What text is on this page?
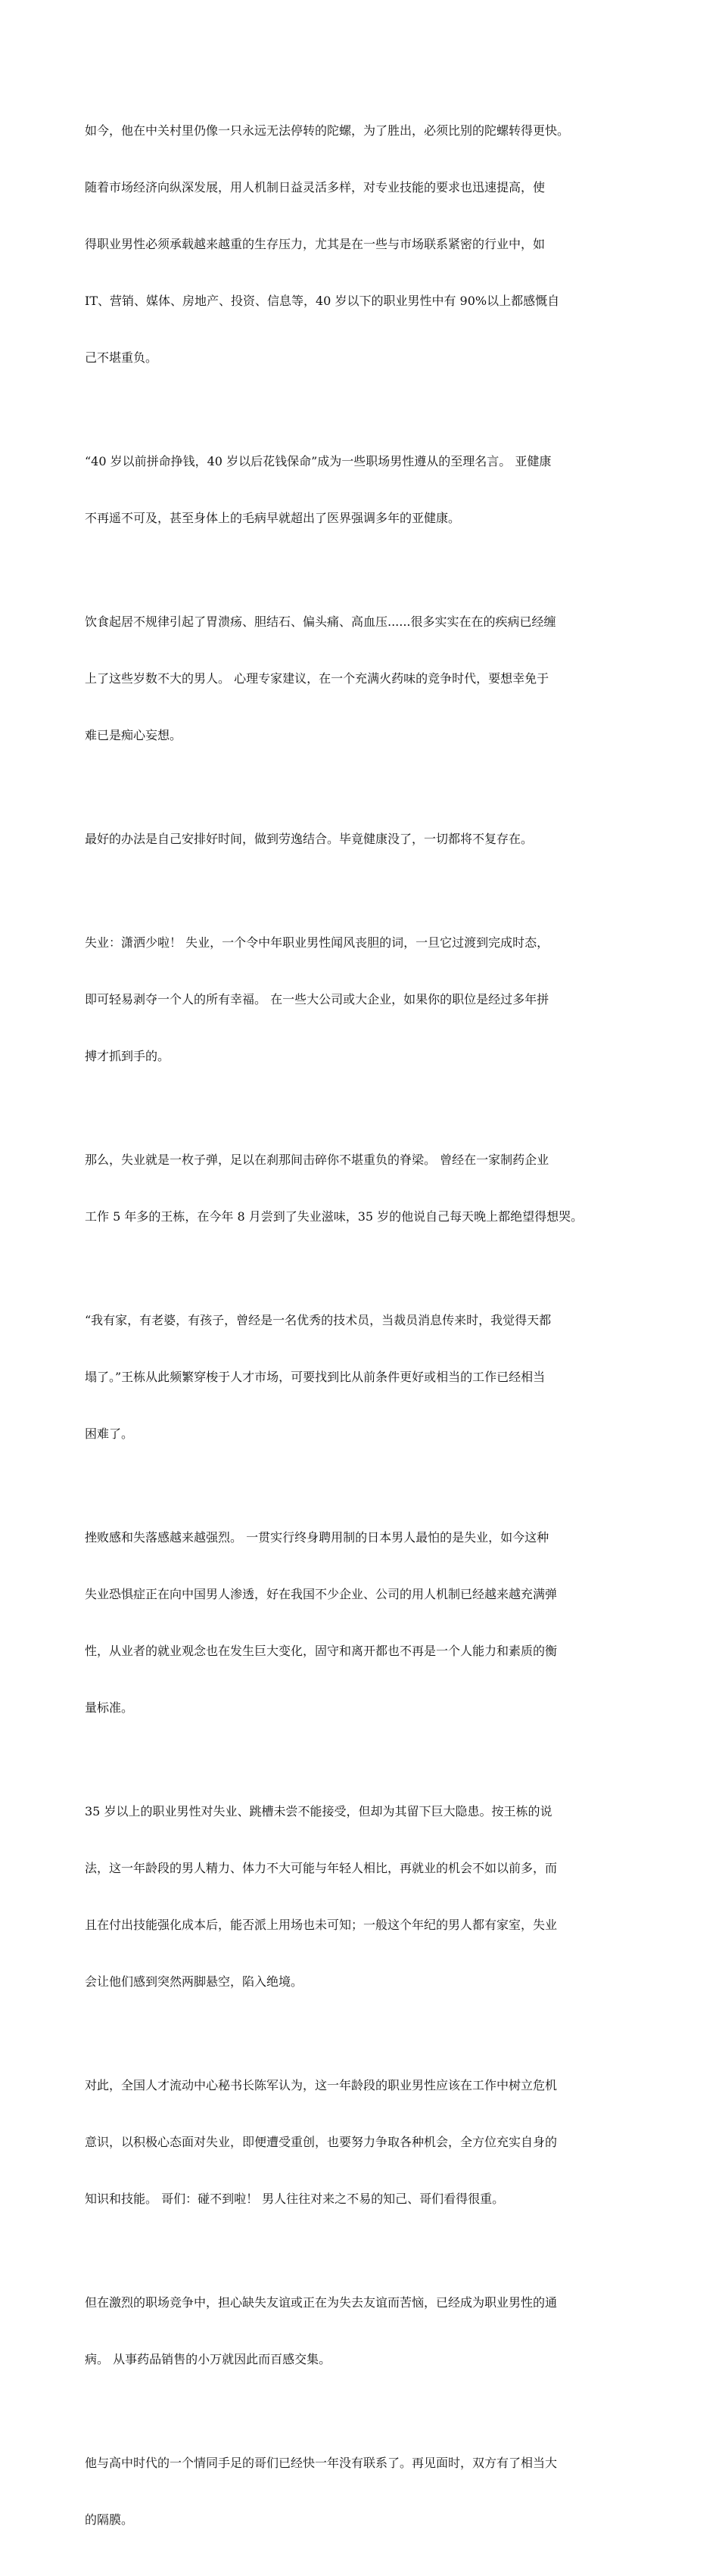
如今，他在中关村里仍像一只永远无法停转的陀螺，为了胜出，必须比别的陀螺转得更快。

随着市场经济向纵深发展，用人机制日益灵活多样，对专业技能的要求也迅速提高，使

得职业男性必须承载越来越重的生存压力，尤其是在一些与市场联系紧密的行业中，如

IT、营销、媒体、房地产、投资、信息等，40 岁以下的职业男性中有 90%以上都感慨自

己不堪重负。

“40 岁以前拼命挣钱，40 岁以后花钱保命”成为一些职场男性遵从的至理名言。 亚健康

不再遥不可及，甚至身体上的毛病早就超出了医界强调多年的亚健康。

饮食起居不规律引起了胃溃疡、胆结石、偏头痛、高血压......很多实实在在的疾病已经缠

上了这些岁数不大的男人。 心理专家建议，在一个充满火药味的竞争时代，要想幸免于

难已是痴心妄想。

最好的办法是自己安排好时间，做到劳逸结合。毕竟健康没了，一切都将不复存在。

失业：潇洒少啦！ 失业，一个令中年职业男性闻风丧胆的词，一旦它过渡到完成时态，

即可轻易剥夺一个人的所有幸福。 在一些大公司或大企业，如果你的职位是经过多年拼

搏才抓到手的。

那么，失业就是一枚子弹，足以在刹那间击碎你不堪重负的脊梁。 曾经在一家制药企业

工作 5 年多的王栋，在今年 8 月尝到了失业滋味，35 岁的他说自己每天晚上都绝望得想哭。

“我有家，有老婆，有孩子，曾经是一名优秀的技术员，当裁员消息传来时，我觉得天都

塌了。”王栋从此频繁穿梭于人才市场，可要找到比从前条件更好或相当的工作已经相当

困难了。

挫败感和失落感越来越强烈。 一贯实行终身聘用制的日本男人最怕的是失业，如今这种

失业恐惧症正在向中国男人渗透，好在我国不少企业、公司的用人机制已经越来越充满弹

性，从业者的就业观念也在发生巨大变化，固守和离开都也不再是一个人能力和素质的衡

量标准。

35 岁以上的职业男性对失业、跳槽未尝不能接受，但却为其留下巨大隐患。按王栋的说

法，这一年龄段的男人精力、体力不大可能与年轻人相比，再就业的机会不如以前多，而

且在付出技能强化成本后，能否派上用场也未可知；一般这个年纪的男人都有家室，失业

会让他们感到突然两脚悬空，陷入绝境。

对此，全国人才流动中心秘书长陈军认为，这一年龄段的职业男性应该在工作中树立危机

意识，以积极心态面对失业，即便遭受重创，也要努力争取各种机会，全方位充实自身的

知识和技能。 哥们：碰不到啦！ 男人往往对来之不易的知己、哥们看得很重。

但在激烈的职场竞争中，担心缺失友谊或正在为失去友谊而苦恼，已经成为职业男性的通

病。 从事药品销售的小万就因此而百感交集。

他与高中时代的一个情同手足的哥们已经快一年没有联系了。再见面时，双方有了相当大

的隔膜。
